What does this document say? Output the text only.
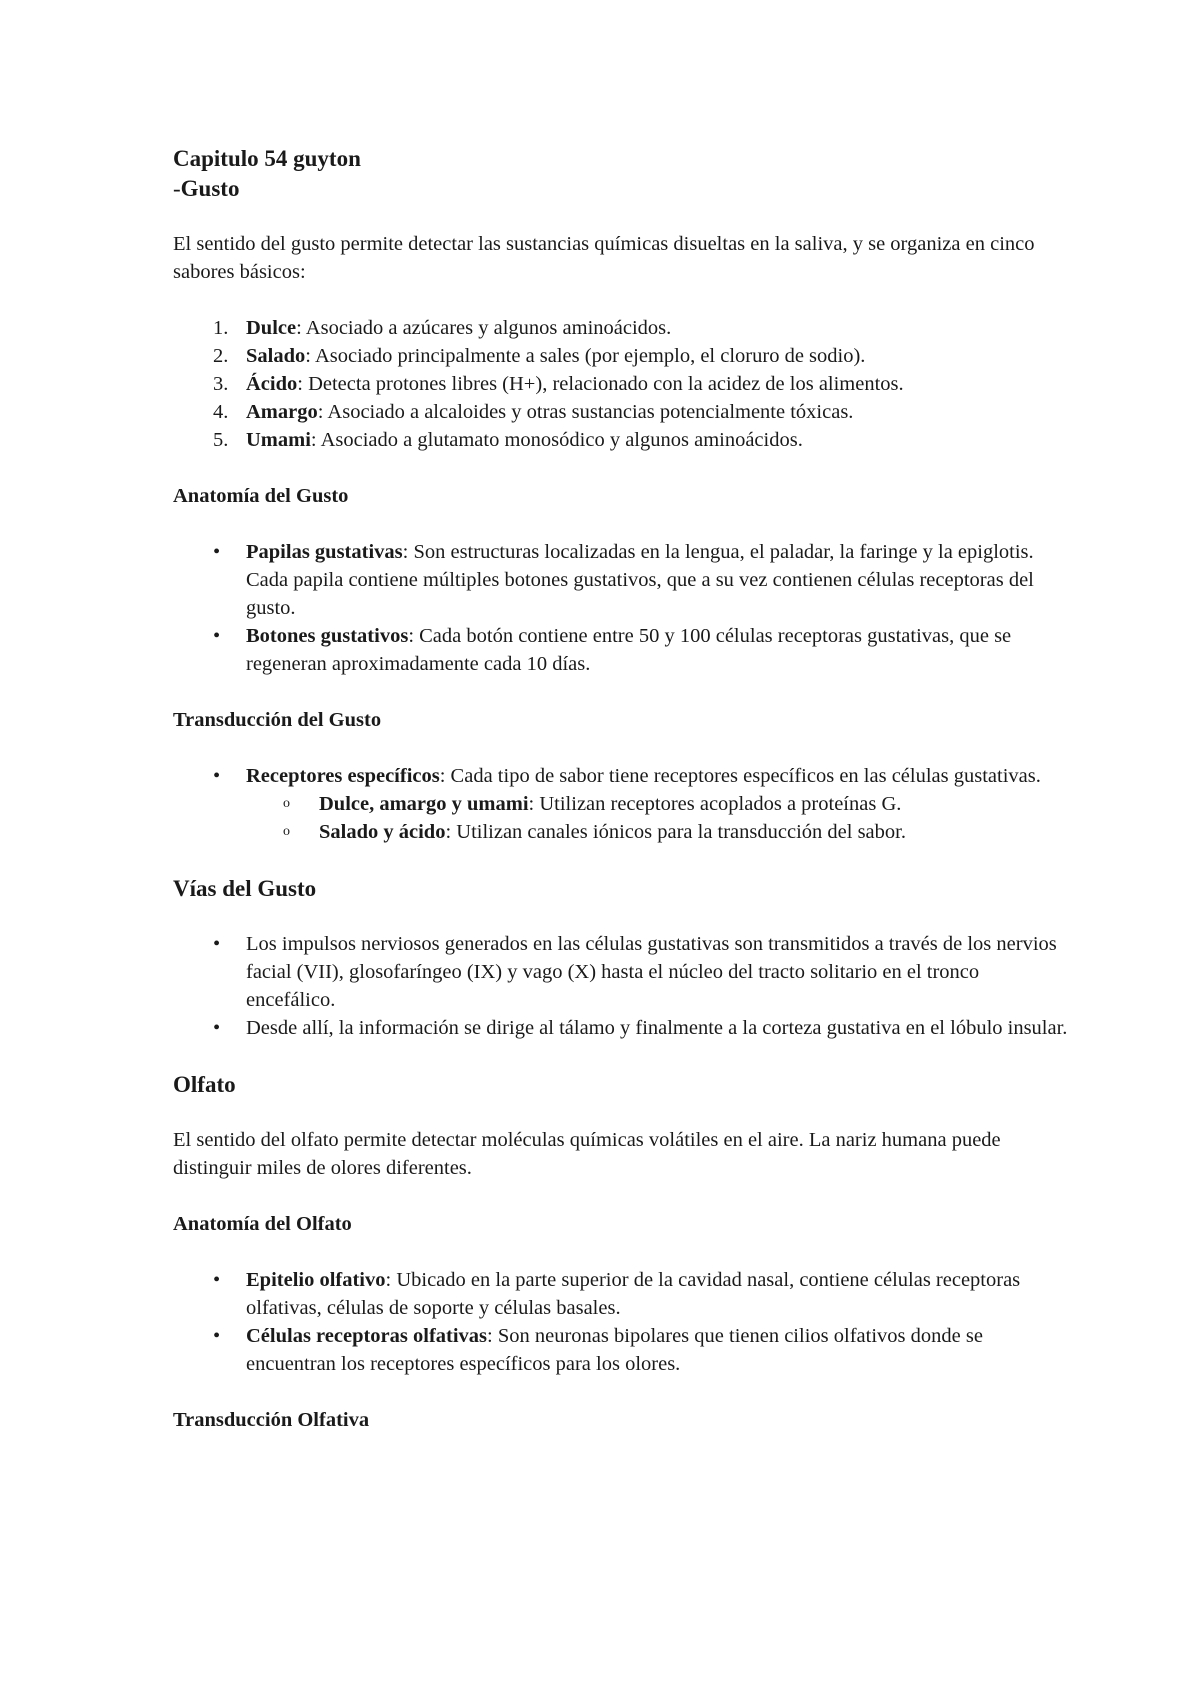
Capitulo 54 guyton
-Gusto

El sentido del gusto permite detectar las sustancias químicas disueltas en la saliva, y se organiza en cinco sabores básicos:

1. Dulce: Asociado a azúcares y algunos aminoácidos.
2. Salado: Asociado principalmente a sales (por ejemplo, el cloruro de sodio).
3. Ácido: Detecta protones libres (H+), relacionado con la acidez de los alimentos.
4. Amargo: Asociado a alcaloides y otras sustancias potencialmente tóxicas.
5. Umami: Asociado a glutamato monosódico y algunos aminoácidos.
Anatomía del Gusto
• Papilas gustativas: Son estructuras localizadas en la lengua, el paladar, la faringe y la epiglotis. Cada papila contiene múltiples botones gustativos, que a su vez contienen células receptoras del gusto.
• Botones gustativos: Cada botón contiene entre 50 y 100 células receptoras gustativas, que se regeneran aproximadamente cada 10 días.
Transducción del Gusto
• Receptores específicos: Cada tipo de sabor tiene receptores específicos en las células gustativas.
o Dulce, amargo y umami: Utilizan receptores acoplados a proteínas G.
o Salado y ácido: Utilizan canales iónicos para la transducción del sabor.
Vías del Gusto
• Los impulsos nerviosos generados en las células gustativas son transmitidos a través de los nervios facial (VII), glosofaríngeo (IX) y vago (X) hasta el núcleo del tracto solitario en el tronco encefálico.
• Desde allí, la información se dirige al tálamo y finalmente a la corteza gustativa en el lóbulo insular.
Olfato

El sentido del olfato permite detectar moléculas químicas volátiles en el aire. La nariz humana puede distinguir miles de olores diferentes.

Anatomía del Olfato
• Epitelio olfativo: Ubicado en la parte superior de la cavidad nasal, contiene células receptoras olfativas, células de soporte y células basales.
• Células receptoras olfativas: Son neuronas bipolares que tienen cilios olfativos donde se encuentran los receptores específicos para los olores.
Transducción Olfativa
